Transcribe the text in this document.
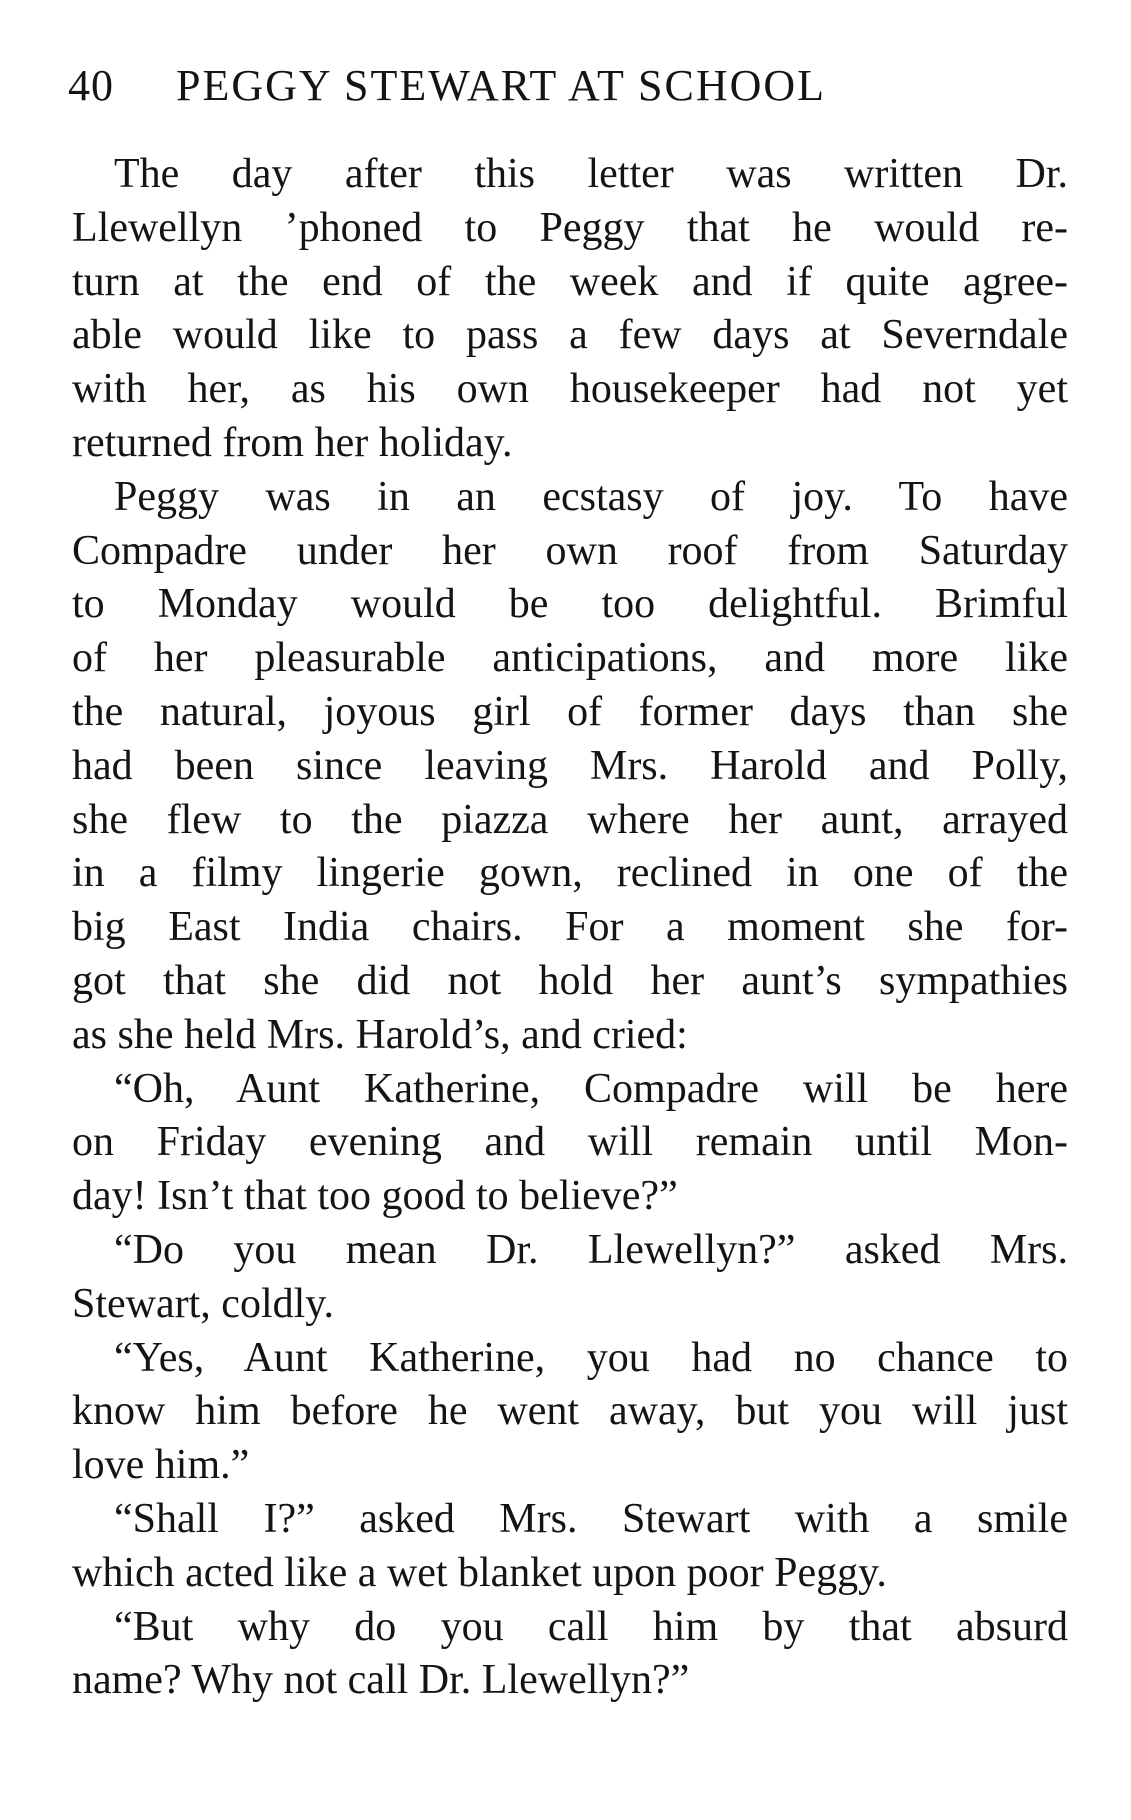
40 PEGGY STEWART AT SCHOOL
The day after this letter was written Dr.
Llewellyn ’phoned to Peggy that he would re-
turn at the end of the week and if quite agree-
able would like to pass a few days at Severndale
with her, as his own housekeeper had not yet
returned from her holiday.
Peggy was in an ecstasy of joy. To have
Compadre under her own roof from Saturday
to Monday would be too delightful. Brimful
of her pleasurable anticipations, and more like
the natural, joyous girl of former days than she
had been since leaving Mrs. Harold and Polly,
she flew to the piazza where her aunt, arrayed
in a filmy lingerie gown, reclined in one of the
big East India chairs. For a moment she for-
got that she did not hold her aunt’s sympathies
as she held Mrs. Harold’s, and cried:
“Oh, Aunt Katherine, Compadre will be here
on Friday evening and will remain until Mon-
day! Isn’t that too good to believe?”
“Do you mean Dr. Llewellyn?” asked Mrs.
Stewart, coldly.
“Yes, Aunt Katherine, you had no chance to
know him before he went away, but you will just
love him.”
“Shall I?” asked Mrs. Stewart with a smile
which acted like a wet blanket upon poor Peggy.
“But why do you call him by that absurd
name? Why not call Dr. Llewellyn?”
